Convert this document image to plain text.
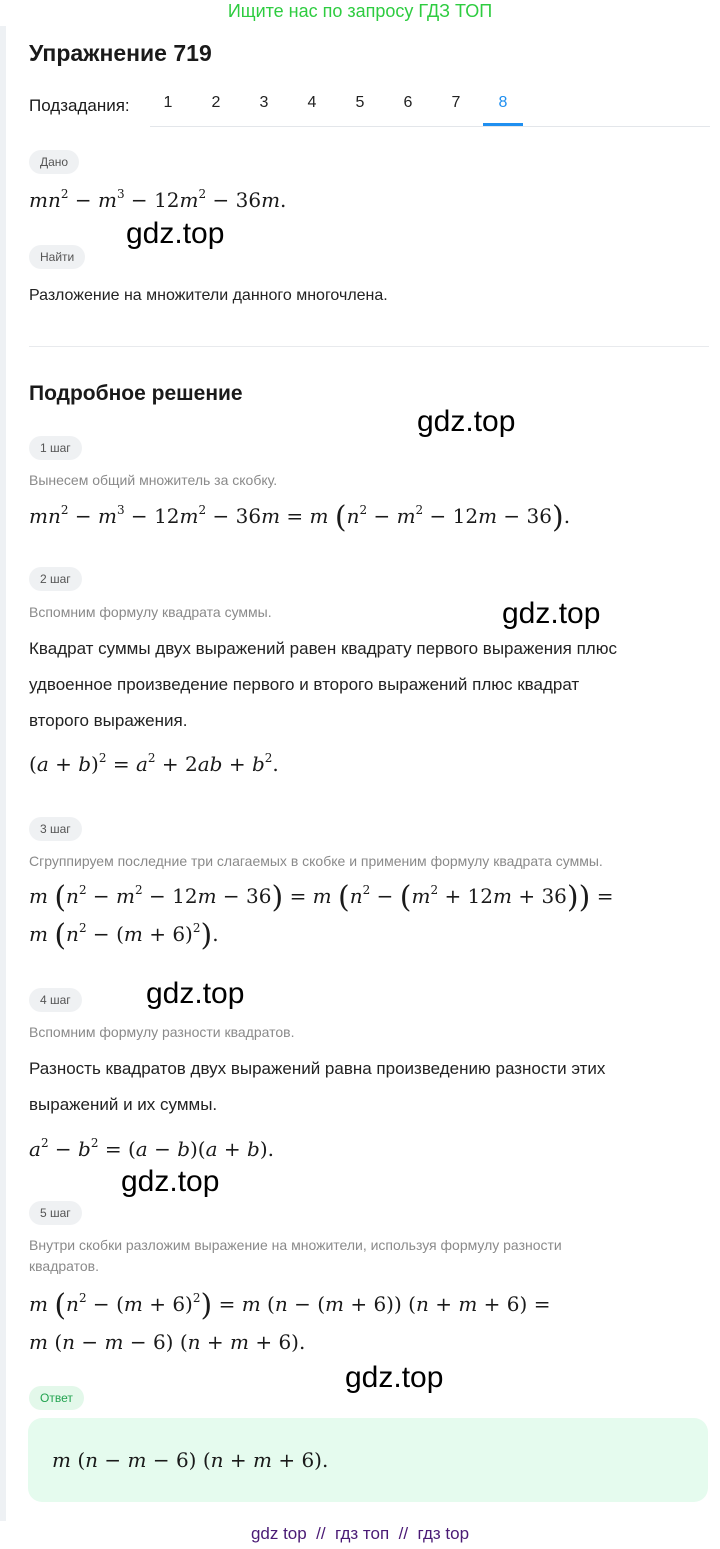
Ищите нас по запросу ГДЗ ТОП
Упражнение 719
Подзадания:	1	2	3	4	5	6	7	8
Дано
$mn^2 - m^3 - 12m^2 - 36m$.
gdz.top
Найти
Разложение на множители данного многочлена.
Подробное решение
gdz.top
1 шаг
Вынесем общий множитель за скобку.
$mn^2 - m^3 - 12m^2 - 36m = m$ $(n^2 - m^2 - 12m - 36)$.
2 шаг
Вспомним формулу квадрата суммы.	gdz.top
Квадрат суммы двух выражений равен квадрату первого выражения плюс
удвоенное произведение первого и второго выражений плюс квадрат
второго выражения.
$(a + b)^2 = a^2 + 2ab + b^2$.
3 шаг
Сгруппируем последние три слагаемых в скобке и применим формулу квадрата суммы.
m $(n^2 - m^2 - 12m - 36) = m$ $(n^2 - (m^2 + 12m + 36))$ =
m $(n^2 - (m + 6)^2)$.
4 шаг	gdz.top
Вспомним формулу разности квадратов.
Разность квадратов двух выражений равна произведению разности этих
выражений и их суммы.
$a^2 - b^2 = (a - b)(a + b)$.
gdz.top
5 шаг
Внутри скобки разложим выражение на множители, используя формулу разности
квадратов.
m $(n^2 - (m + 6)^2) = m$ (n − (m + 6)) (n + m + 6) =
m (n − m − 6) (n + m + 6).
gdz.top
Ответ
m (n − m − 6) (n + m + 6).
gdz top  //  гдз топ  //  гдз top
